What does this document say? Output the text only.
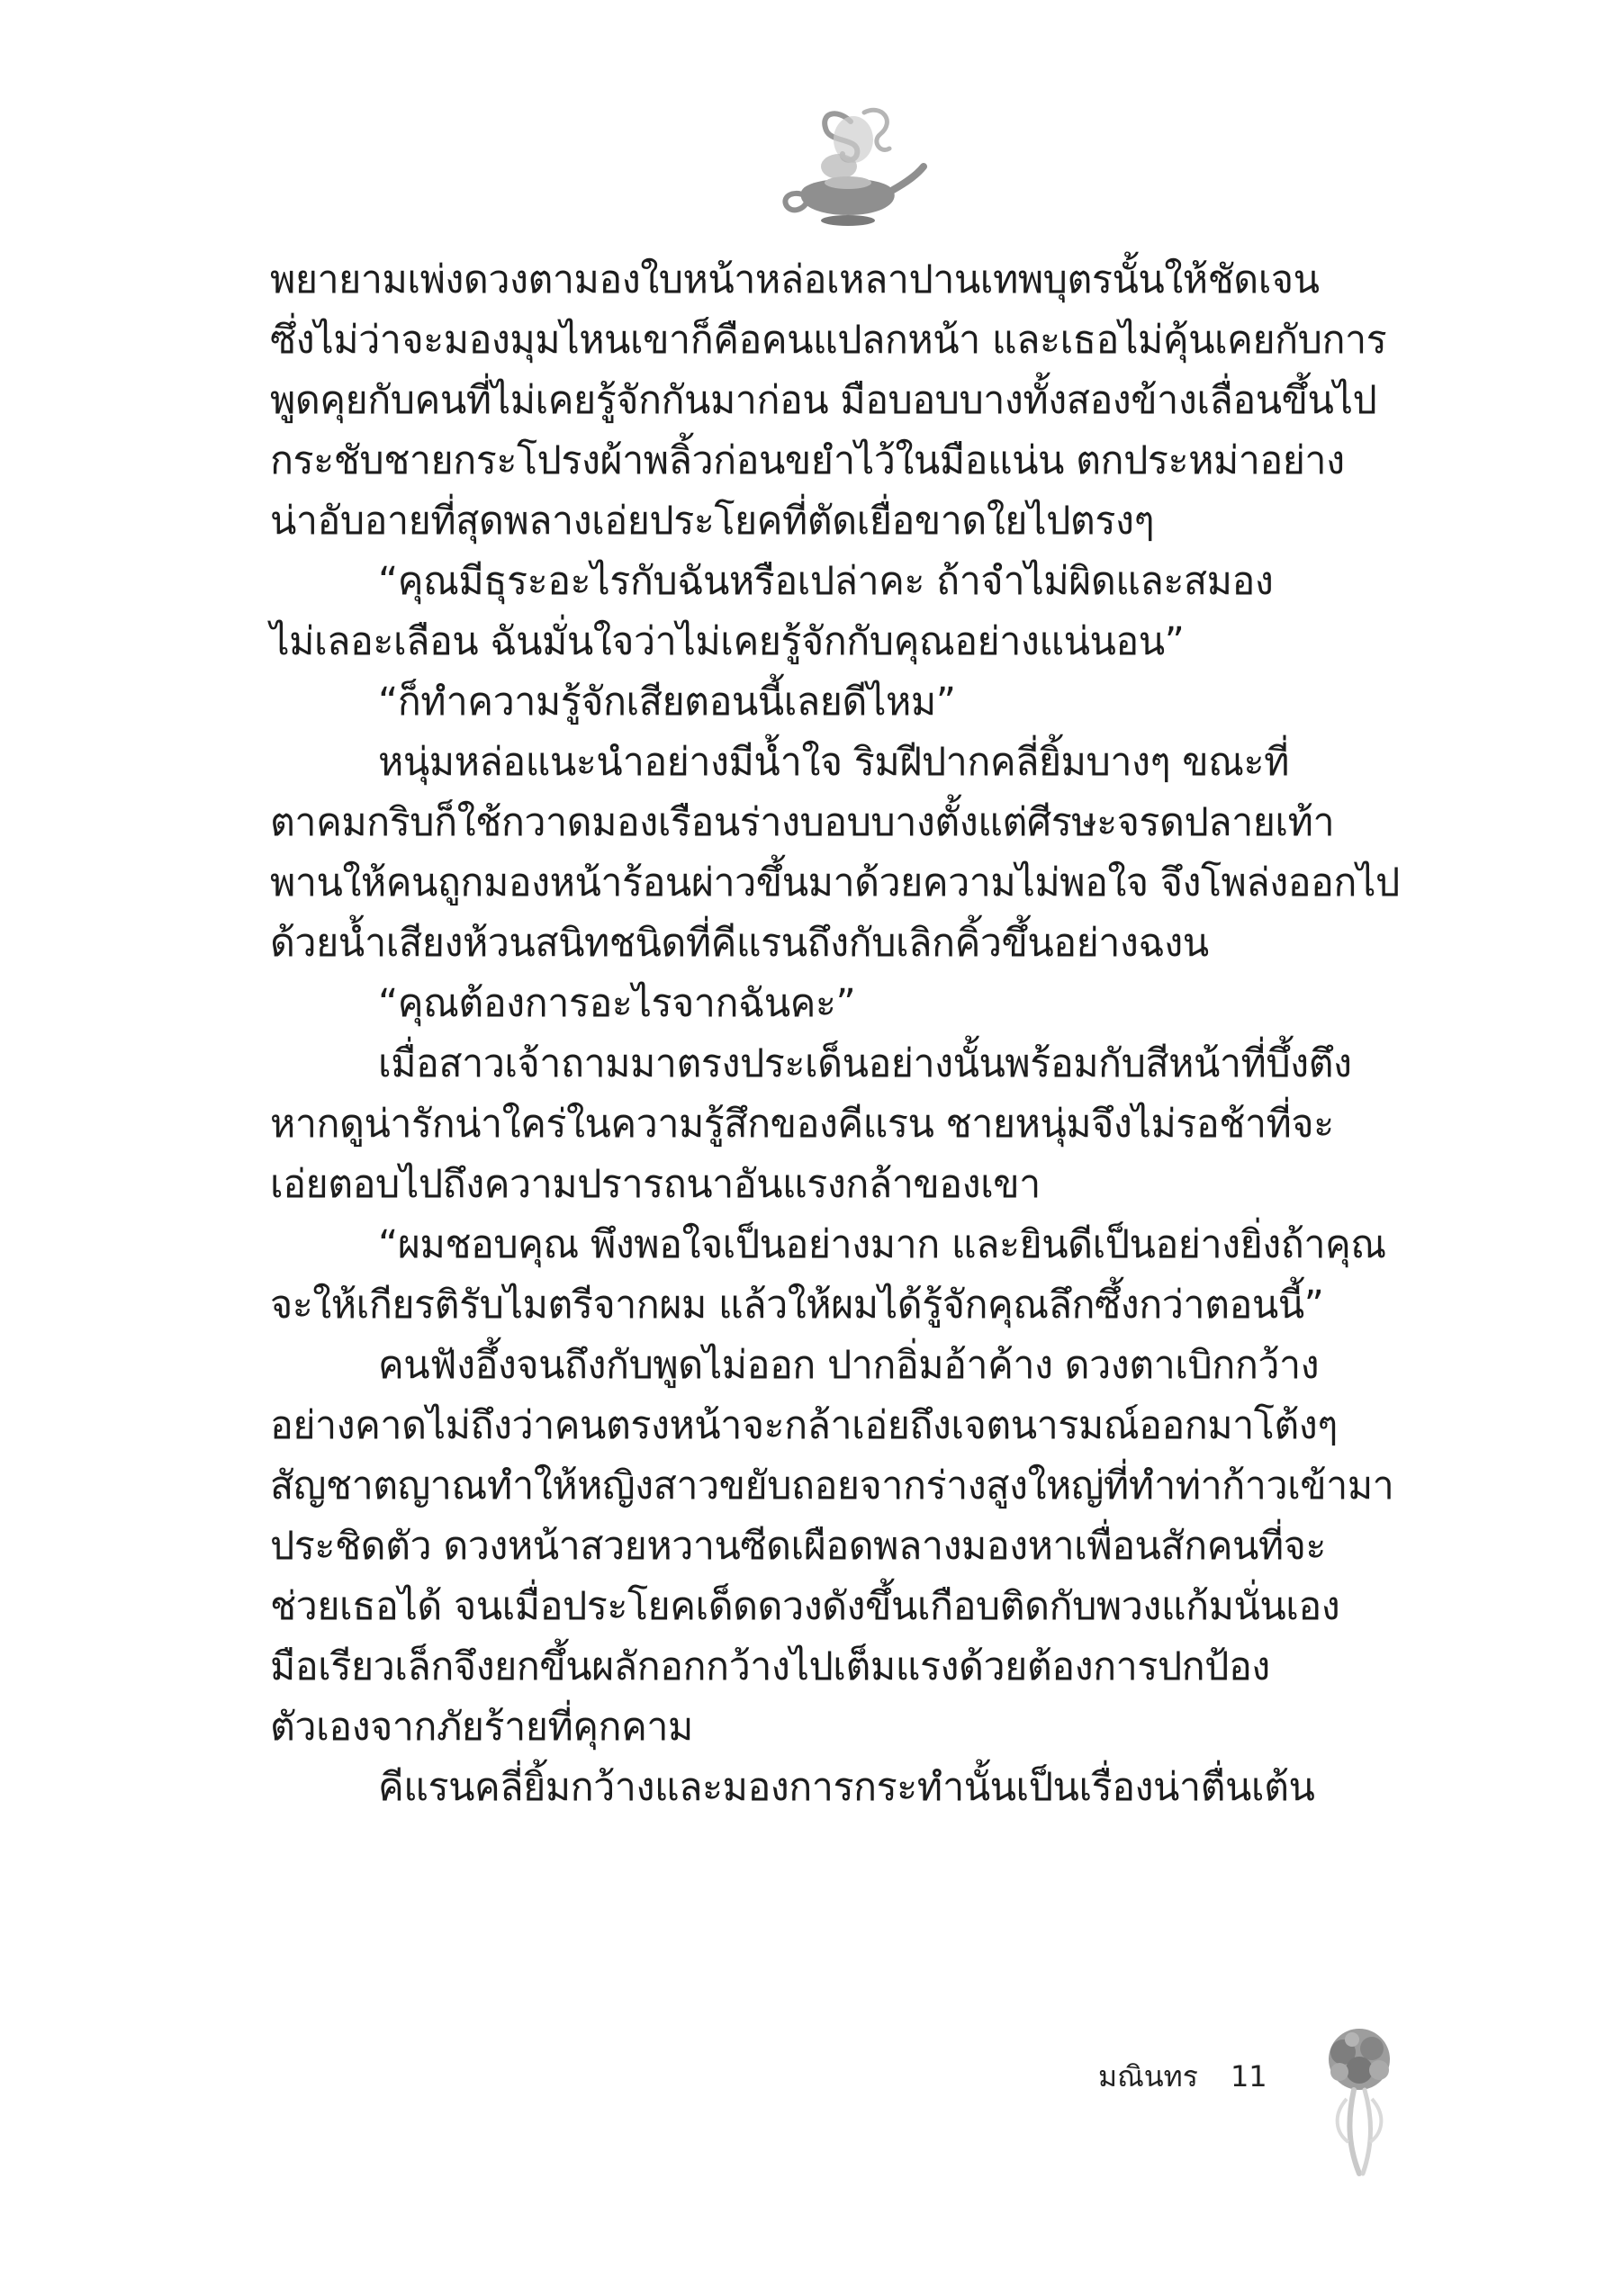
พยายามเพ่งดวงตามองใบหน้าหล่อเหลาปานเทพบุตรนั้นให้ชัดเจน
ซึ่งไม่ว่าจะมองมุมไหนเขาก็คือคนแปลกหน้า และเธอไม่คุ้นเคยกับการ
พูดคุยกับคนที่ไม่เคยรู้จักกันมาก่อน มือบอบบางทั้งสองข้างเลื่อนขึ้นไป
กระชับชายกระโปรงผ้าพลิ้วก่อนขยำไว้ในมือแน่น ตกประหม่าอย่าง
น่าอับอายที่สุดพลางเอ่ยประโยคที่ตัดเยื่อขาดใยไปตรงๆ
“คุณมีธุระอะไรกับฉันหรือเปล่าคะ ถ้าจำไม่ผิดและสมอง
ไม่เลอะเลือน ฉันมั่นใจว่าไม่เคยรู้จักกับคุณอย่างแน่นอน”
“ก็ทำความรู้จักเสียตอนนี้เลยดีไหม”
หนุ่มหล่อแนะนำอย่างมีน้ำใจ ริมฝีปากคลี่ยิ้มบางๆ ขณะที่
ตาคมกริบก็ใช้กวาดมองเรือนร่างบอบบางตั้งแต่ศีรษะจรดปลายเท้า
พานให้คนถูกมองหน้าร้อนผ่าวขึ้นมาด้วยความไม่พอใจ จึงโพล่งออกไป
ด้วยน้ำเสียงห้วนสนิทชนิดที่คีแรนถึงกับเลิกคิ้วขึ้นอย่างฉงน
“คุณต้องการอะไรจากฉันคะ”
เมื่อสาวเจ้าถามมาตรงประเด็นอย่างนั้นพร้อมกับสีหน้าที่บึ้งตึง
หากดูน่ารักน่าใคร่ในความรู้สึกของคีแรน ชายหนุ่มจึงไม่รอช้าที่จะ
เอ่ยตอบไปถึงความปรารถนาอันแรงกล้าของเขา
“ผมชอบคุณ พึงพอใจเป็นอย่างมาก และยินดีเป็นอย่างยิ่งถ้าคุณ
จะให้เกียรติรับไมตรีจากผม แล้วให้ผมได้รู้จักคุณลึกซึ้งกว่าตอนนี้”
คนฟังอึ้งจนถึงกับพูดไม่ออก ปากอิ่มอ้าค้าง ดวงตาเบิกกว้าง
อย่างคาดไม่ถึงว่าคนตรงหน้าจะกล้าเอ่ยถึงเจตนารมณ์ออกมาโต้งๆ
สัญชาตญาณทำให้หญิงสาวขยับถอยจากร่างสูงใหญ่ที่ทำท่าก้าวเข้ามา
ประชิดตัว ดวงหน้าสวยหวานซีดเผือดพลางมองหาเพื่อนสักคนที่จะ
ช่วยเธอได้ จนเมื่อประโยคเด็ดดวงดังขึ้นเกือบติดกับพวงแก้มนั่นเอง
มือเรียวเล็กจึงยกขึ้นผลักอกกว้างไปเต็มแรงด้วยต้องการปกป้อง
ตัวเองจากภัยร้ายที่คุกคาม
คีแรนคลี่ยิ้มกว้างและมองการกระทำนั้นเป็นเรื่องน่าตื่นเต้น
มณินทร 11
